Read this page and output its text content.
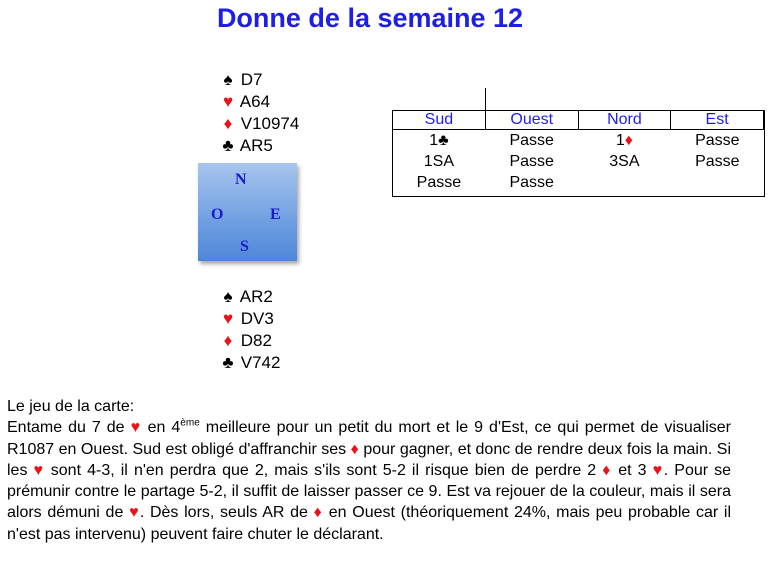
Donne de la semaine 12
♠ D7
♥ A64
♦ V10974
♣ AR5
N
O	E
S
♠ AR2
♥ DV3
♦ D82
♣ V742
Sud	Ouest	Nord	Est
1♣	Passe	1♦	Passe
1SA	Passe	3SA	Passe
Passe	Passe		

Le jeu de la carte:

Entame du 7 de ♥ en 4ème meilleure pour un petit du mort et le 9 d'Est, ce qui permet de visualiser R1087 en Ouest. Sud est obligé d'affranchir ses ♦ pour gagner, et donc de rendre deux fois la main. Si les ♥ sont 4-3, il n'en perdra que 2, mais s'ils sont 5-2 il risque bien de perdre 2 ♦ et 3 ♥. Pour se prémunir contre le partage 5-2, il suffit de laisser passer ce 9. Est va rejouer de la couleur, mais il sera alors démuni de ♥. Dès lors, seuls AR de ♦ en Ouest (théoriquement 24%, mais peu probable car il n'est pas intervenu) peuvent faire chuter le déclarant.
